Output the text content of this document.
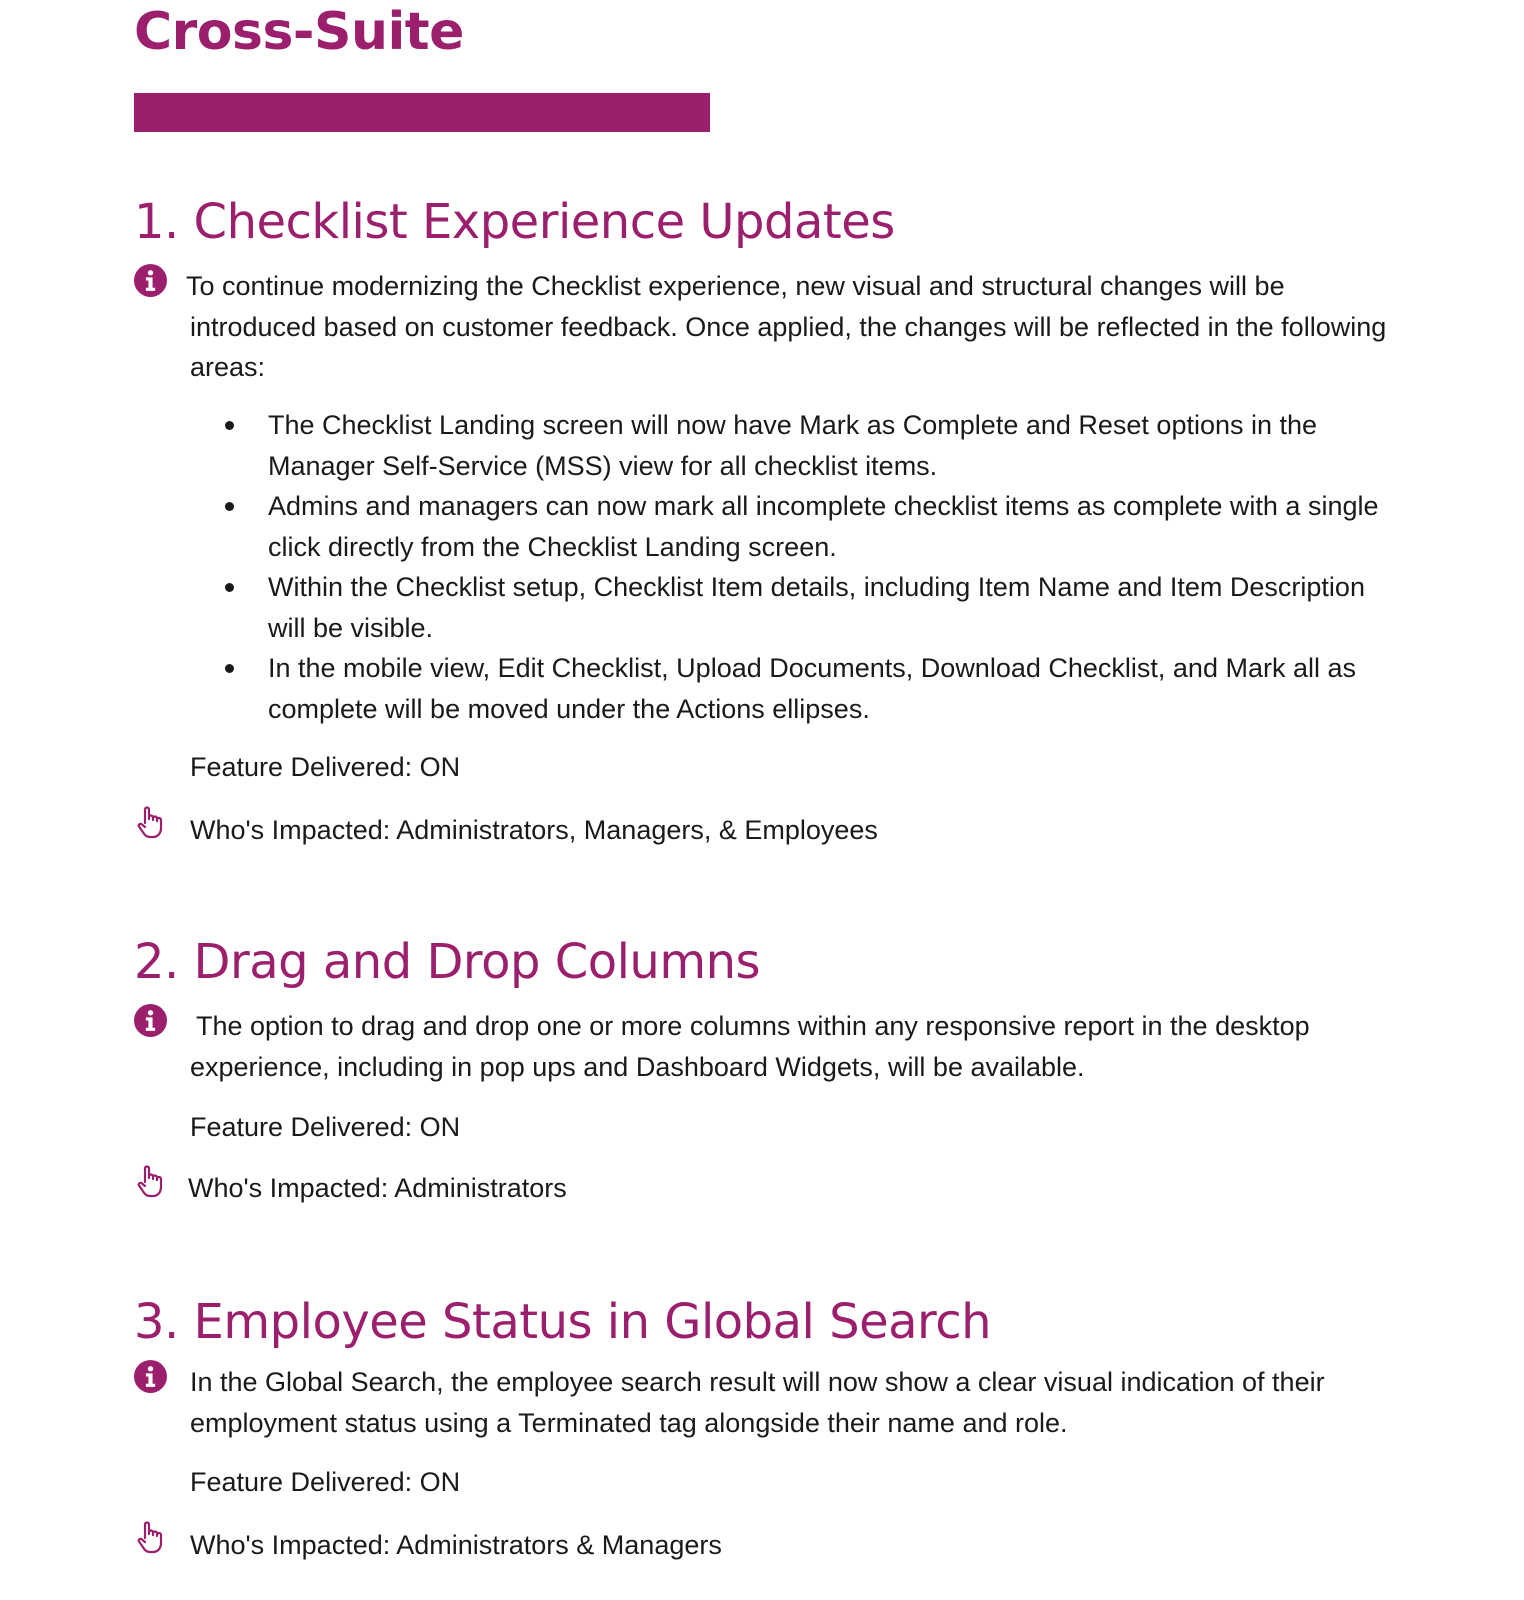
Cross-Suite
1. Checklist Experience Updates

To continue modernizing the Checklist experience, new visual and structural changes will be introduced based on customer feedback. Once applied, the changes will be reflected in the following areas:

The Checklist Landing screen will now have Mark as Complete and Reset options in the Manager Self-Service (MSS) view for all checklist items.
Admins and managers can now mark all incomplete checklist items as complete with a single click directly from the Checklist Landing screen.
Within the Checklist setup, Checklist Item details, including Item Name and Item Description will be visible.
In the mobile view, Edit Checklist, Upload Documents, Download Checklist, and Mark all as complete will be moved under the Actions ellipses.

Feature Delivered: ON

Who's Impacted: Administrators, Managers, & Employees

2. Drag and Drop Columns

The option to drag and drop one or more columns within any responsive report in the desktop experience, including in pop ups and Dashboard Widgets, will be available.

Feature Delivered: ON

Who's Impacted: Administrators

3. Employee Status in Global Search

In the Global Search, the employee search result will now show a clear visual indication of their employment status using a Terminated tag alongside their name and role.

Feature Delivered: ON

Who's Impacted: Administrators & Managers
